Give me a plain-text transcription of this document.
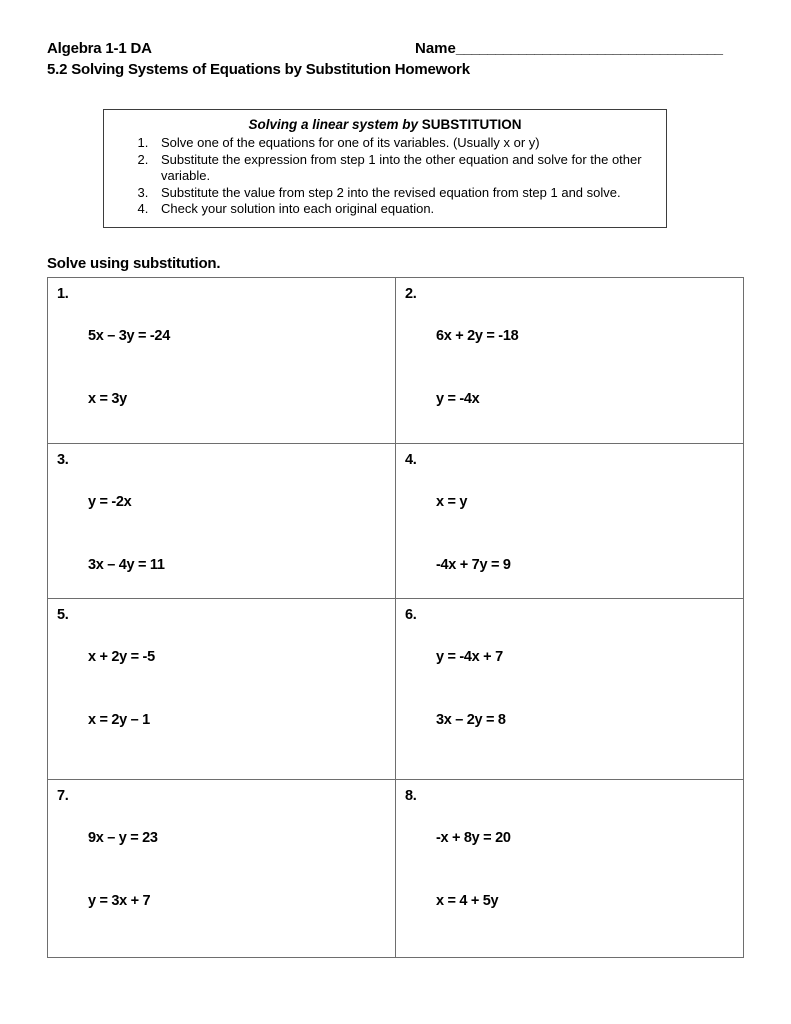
Algebra 1-1 DA	Name__________________________________
5.2 Solving Systems of Equations by Substitution Homework
Solving a linear system by SUBSTITUTION
1. Solve one of the equations for one of its variables. (Usually x or y)
2. Substitute the expression from step 1 into the other equation and solve for the other variable.
3. Substitute the value from step 2 into the revised equation from step 1 and solve.
4. Check your solution into each original equation.
Solve using substitution.
1.

5x – 3y = -24

x = 3y

2.

6x + 2y = -18

y = -4x

3.

y = -2x

3x – 4y = 11

4.

x = y

-4x + 7y = 9

5.

x + 2y = -5

x = 2y – 1

6.

y = -4x + 7

3x – 2y = 8

7.

9x – y = 23

y = 3x + 7

8.

-x + 8y = 20

x = 4 + 5y
